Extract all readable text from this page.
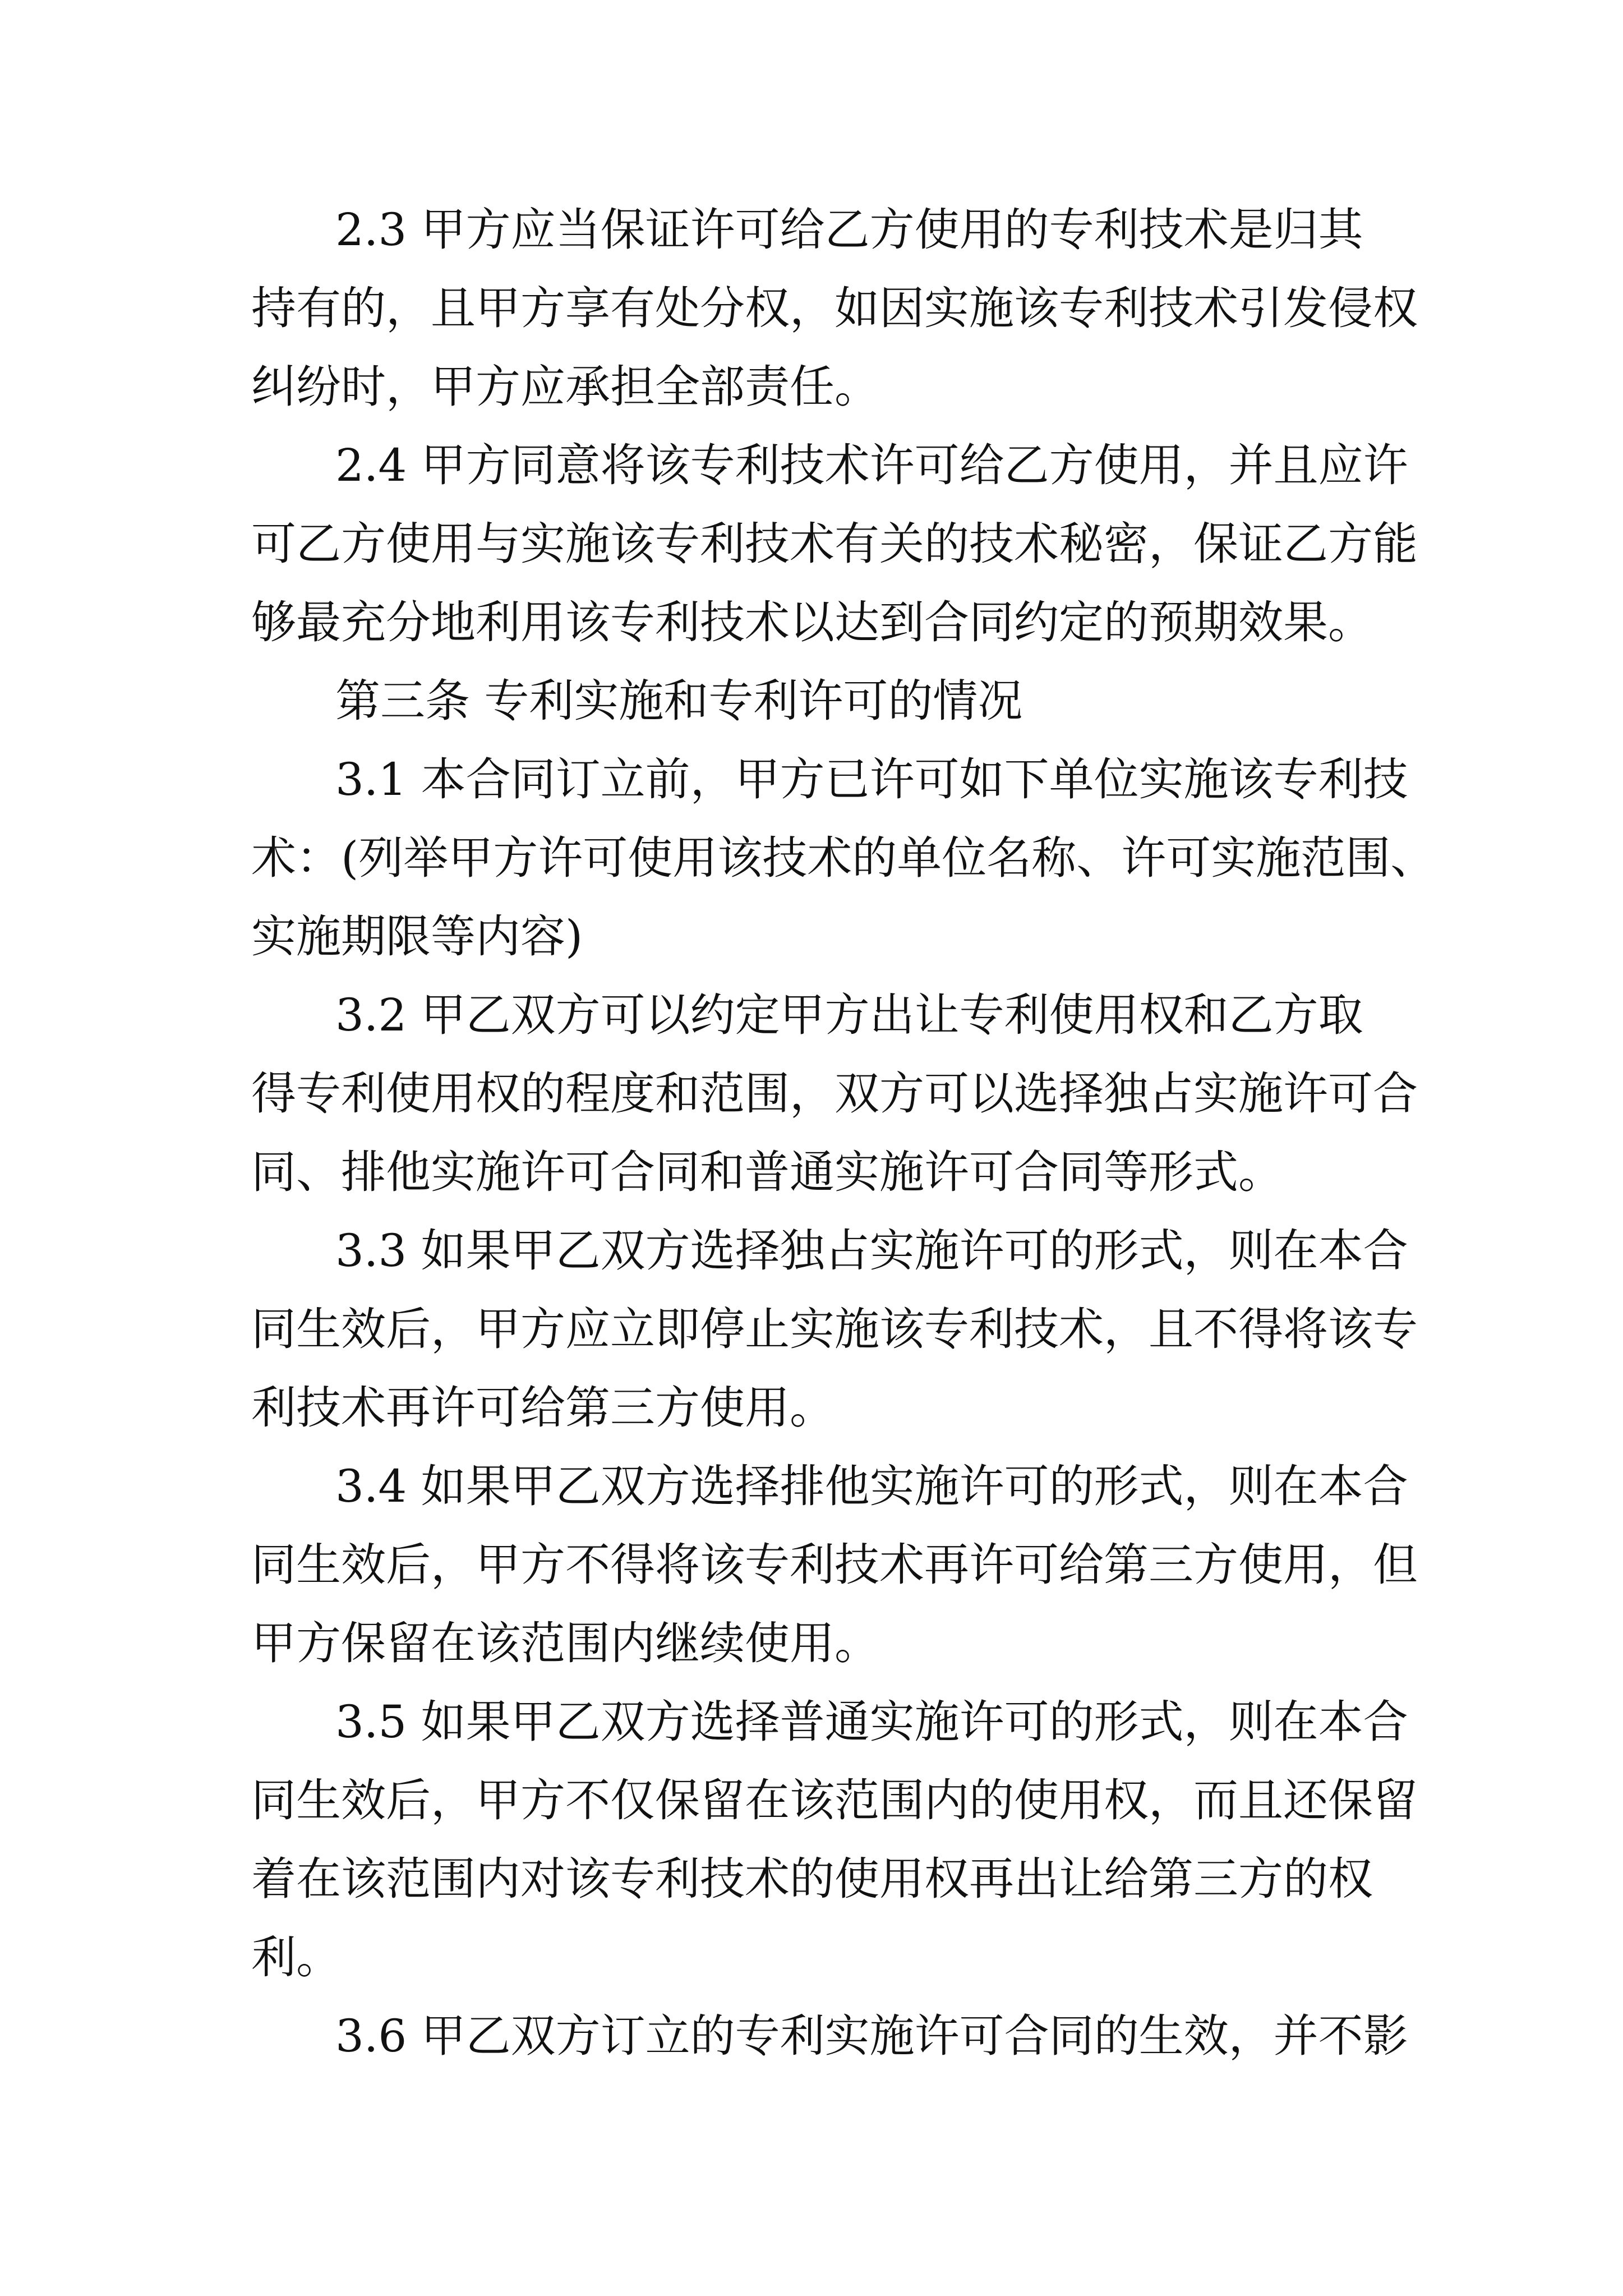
2.3 甲方应当保证许可给乙方使用的专利技术是归其
持有的，且甲方享有处分权，如因实施该专利技术引发侵权
纠纷时，甲方应承担全部责任。
2.4 甲方同意将该专利技术许可给乙方使用，并且应许
可乙方使用与实施该专利技术有关的技术秘密，保证乙方能
够最充分地利用该专利技术以达到合同约定的预期效果。
第三条 专利实施和专利许可的情况
3.1 本合同订立前，甲方已许可如下单位实施该专利技
术：(列举甲方许可使用该技术的单位名称、许可实施范围、
实施期限等内容)
3.2 甲乙双方可以约定甲方出让专利使用权和乙方取
得专利使用权的程度和范围，双方可以选择独占实施许可合
同、排他实施许可合同和普通实施许可合同等形式。
3.3 如果甲乙双方选择独占实施许可的形式，则在本合
同生效后，甲方应立即停止实施该专利技术，且不得将该专
利技术再许可给第三方使用。
3.4 如果甲乙双方选择排他实施许可的形式，则在本合
同生效后，甲方不得将该专利技术再许可给第三方使用，但
甲方保留在该范围内继续使用。
3.5 如果甲乙双方选择普通实施许可的形式，则在本合
同生效后，甲方不仅保留在该范围内的使用权，而且还保留
着在该范围内对该专利技术的使用权再出让给第三方的权
利。
3.6 甲乙双方订立的专利实施许可合同的生效，并不影
